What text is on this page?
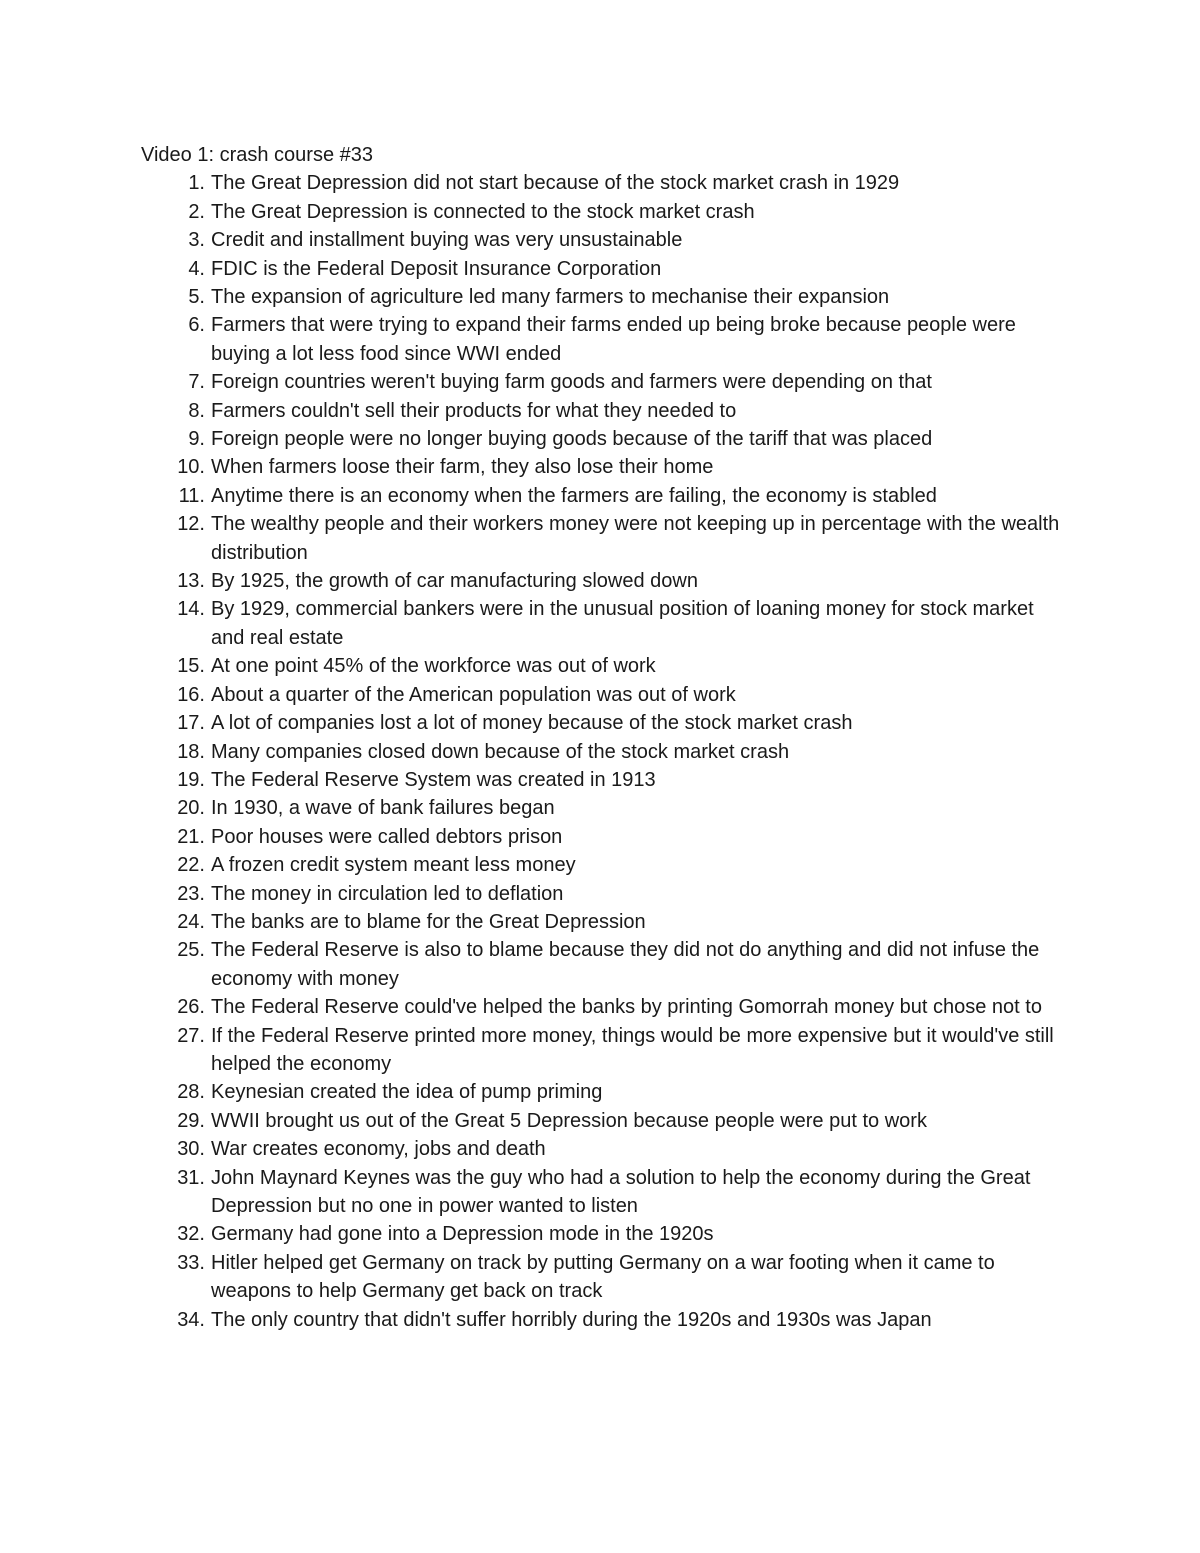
Video 1: crash course #33
1. The Great Depression did not start because of the stock market crash in 1929
2. The Great Depression is connected to the stock market crash
3. Credit and installment buying was very unsustainable
4. FDIC is the Federal Deposit Insurance Corporation
5. The expansion of agriculture led many farmers to mechanise their expansion
6. Farmers that were trying to expand their farms ended up being broke because people were buying a lot less food since WWI ended
7. Foreign countries weren't buying farm goods and farmers were depending on that
8. Farmers couldn't sell their products for what they needed to
9. Foreign people were no longer buying goods because of the tariff that was placed
10. When farmers loose their farm, they also lose their home
11. Anytime there is an economy when the farmers are failing, the economy is stabled
12. The wealthy people and their workers money were not keeping up in percentage with the wealth distribution
13. By 1925, the growth of car manufacturing slowed down
14. By 1929, commercial bankers were in the unusual position of loaning money for stock market and real estate
15. At one point 45% of the workforce was out of work
16. About a quarter of the American population was out of work
17. A lot of companies lost a lot of money because of the stock market crash
18. Many companies closed down because of the stock market crash
19. The Federal Reserve System was created in 1913
20. In 1930, a wave of bank failures began
21. Poor houses were called debtors prison
22. A frozen credit system meant less money
23. The money in circulation led to deflation
24. The banks are to blame for the Great Depression
25. The Federal Reserve is also to blame because they did not do anything and did not infuse the economy with money
26. The Federal Reserve could've helped the banks by printing Gomorrah money but chose not to
27. If the Federal Reserve printed more money, things would be more expensive but it would've still helped the economy
28. Keynesian created the idea of pump priming
29. WWII brought us out of the Great 5 Depression because people were put to work
30. War creates economy, jobs and death
31. John Maynard Keynes was the guy who had a solution to help the economy during the Great Depression but no one in power wanted to listen
32. Germany had gone into a Depression mode in the 1920s
33. Hitler helped get Germany on track by putting Germany on a war footing when it came to weapons to help Germany get back on track
34. The only country that didn't suffer horribly during the 1920s and 1930s was Japan
